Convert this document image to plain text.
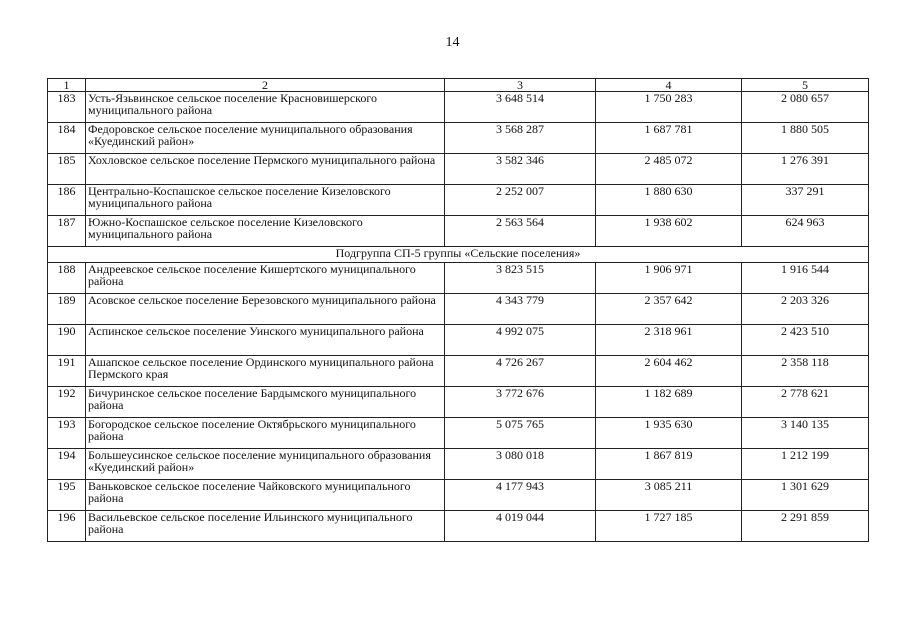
14
1	2	3	4	5
183	Усть-Язьвинское сельское поселение Красновишерского муниципального района	3 648 514	1 750 283	2 080 657
184	Федоровское сельское поселение муниципального образования «Куединский район»	3 568 287	1 687 781	1 880 505
185	Хохловское сельское поселение Пермского муниципального района	3 582 346	2 485 072	1 276 391
186	Центрально-Коспашское сельское поселение Кизеловского муниципального района	2 252 007	1 880 630	337 291
187	Южно-Коспашское сельское поселение Кизеловского муниципального района	2 563 564	1 938 602	624 963
Подгруппа СП-5 группы «Сельские поселения»				
188	Андреевское сельское поселение Кишертского муниципального района	3 823 515	1 906 971	1 916 544
189	Асовское сельское поселение Березовского муниципального района	4 343 779	2 357 642	2 203 326
190	Аспинское сельское поселение Уинского муниципального района	4 992 075	2 318 961	2 423 510
191	Ашапское сельское поселение Ординского муниципального района Пермского края	4 726 267	2 604 462	2 358 118
192	Бичуринское сельское поселение Бардымского муниципального района	3 772 676	1 182 689	2 778 621
193	Богородское сельское поселение Октябрьского муниципального района	5 075 765	1 935 630	3 140 135
194	Большеусинское сельское поселение муниципального образования «Куединский район»	3 080 018	1 867 819	1 212 199
195	Ваньковское сельское поселение Чайковского муниципального района	4 177 943	3 085 211	1 301 629
196	Васильевское сельское поселение Ильинского муниципального района	4 019 044	1 727 185	2 291 859
